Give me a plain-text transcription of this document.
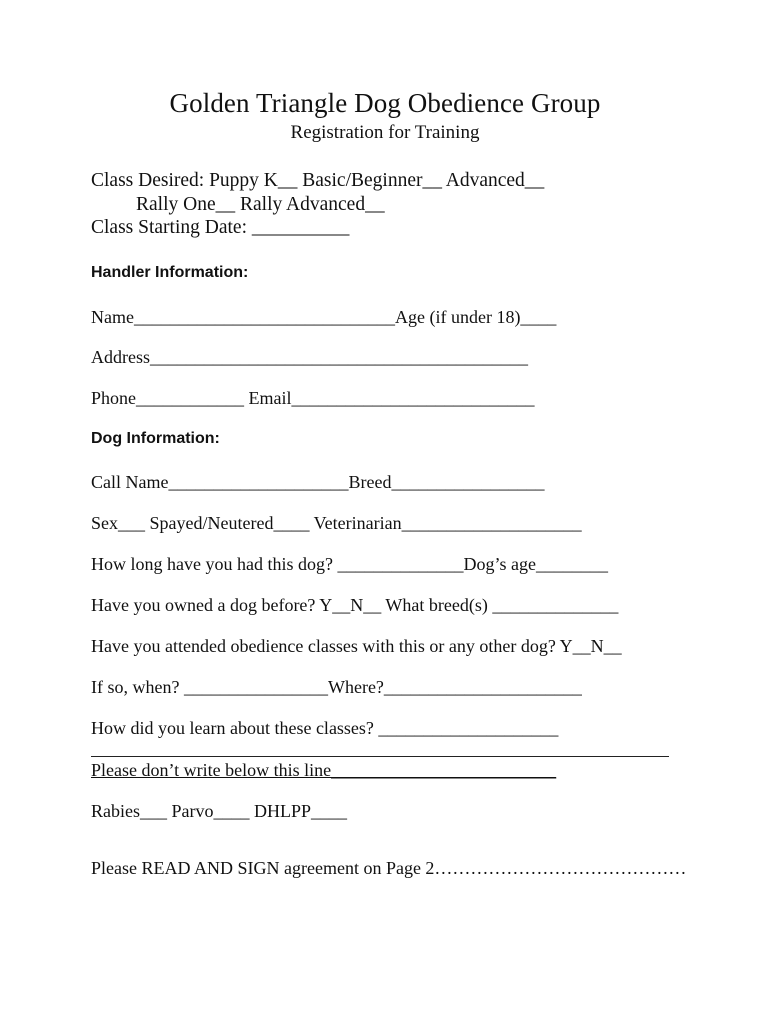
Golden Triangle Dog Obedience Group
Registration for Training
Class Desired: Puppy K__ Basic/Beginner__ Advanced__
Rally One__ Rally Advanced__
Class Starting Date: __________
Handler Information:
Name_____________________________Age (if under 18)____
Address__________________________________________
Phone____________ Email___________________________
Dog Information:
Call Name____________________Breed_________________
Sex___ Spayed/Neutered____ Veterinarian____________________
How long have you had this dog? ______________Dog’s age________
Have you owned a dog before? Y__N__ What breed(s) ______________
Have you attended obedience classes with this or any other dog? Y__N__
If so, when? ________________Where?______________________
How did you learn about these classes? ____________________
Please don’t write below this line_________________________
Rabies___ Parvo____ DHLPP____
Please READ AND SIGN agreement on Page 2……………………………………
